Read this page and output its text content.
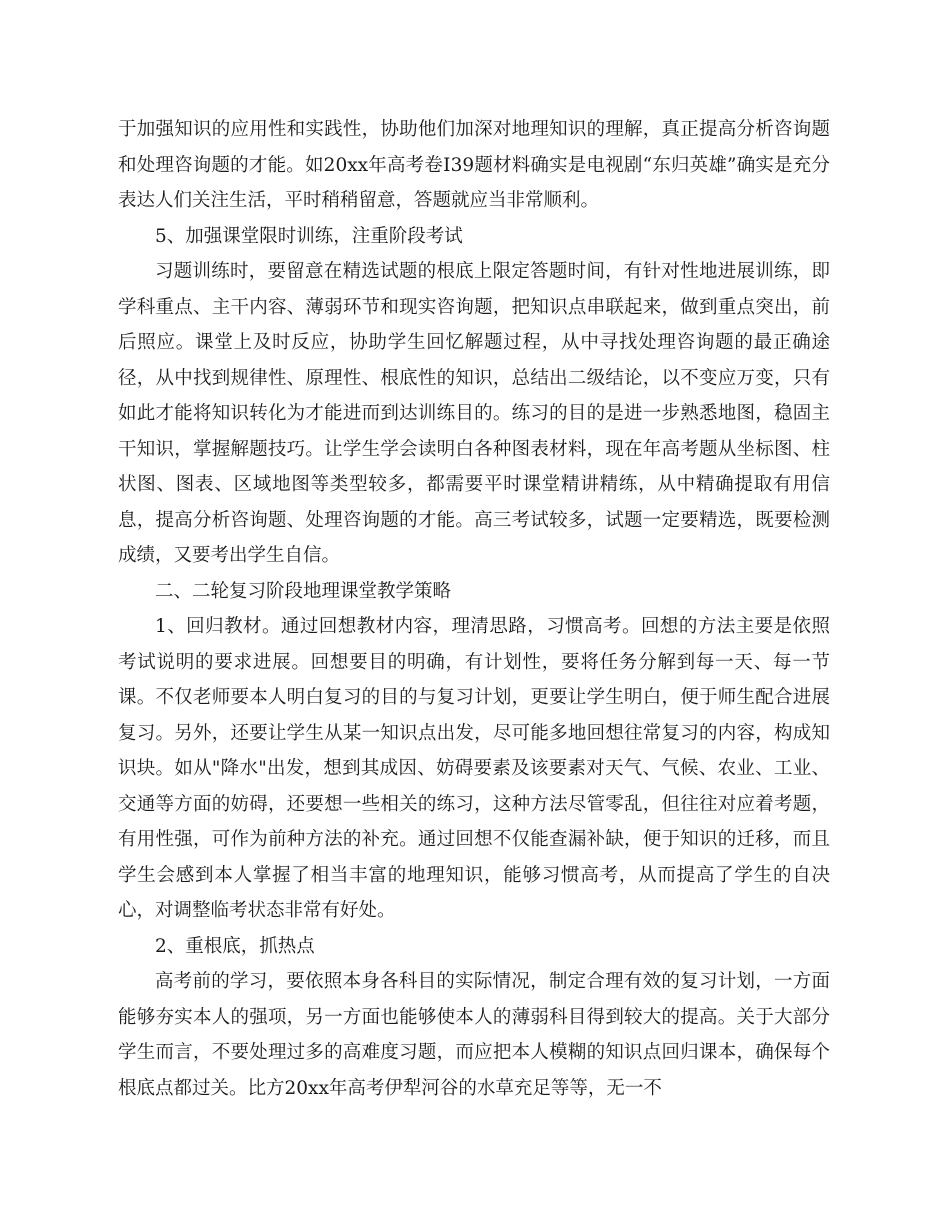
于加强知识的应用性和实践性，协助他们加深对地理知识的理解，真正提高分析咨询题和处理咨询题的才能。如20xx年高考卷Ⅰ39题材料确实是电视剧“东归英雄”确实是充分表达人们关注生活，平时稍稍留意，答题就应当非常顺利。

5、加强课堂限时训练，注重阶段考试

习题训练时，要留意在精选试题的根底上限定答题时间，有针对性地进展训练，即学科重点、主干内容、薄弱环节和现实咨询题，把知识点串联起来，做到重点突出，前后照应。课堂上及时反应，协助学生回忆解题过程，从中寻找处理咨询题的最正确途径，从中找到规律性、原理性、根底性的知识，总结出二级结论，以不变应万变，只有如此才能将知识转化为才能进而到达训练目的。练习的目的是进一步熟悉地图，稳固主干知识，掌握解题技巧。让学生学会读明白各种图表材料，现在年高考题从坐标图、柱状图、图表、区域地图等类型较多，都需要平时课堂精讲精练，从中精确提取有用信息，提高分析咨询题、处理咨询题的才能。高三考试较多，试题一定要精选，既要检测成绩，又要考出学生自信。

二、二轮复习阶段地理课堂教学策略

1、回归教材。通过回想教材内容，理清思路，习惯高考。回想的方法主要是依照考试说明的要求进展。回想要目的明确，有计划性，要将任务分解到每一天、每一节课。不仅老师要本人明白复习的目的与复习计划，更要让学生明白，便于师生配合进展复习。另外，还要让学生从某一知识点出发，尽可能多地回想往常复习的内容，构成知识块。如从"降水"出发，想到其成因、妨碍要素及该要素对天气、气候、农业、工业、交通等方面的妨碍，还要想一些相关的练习，这种方法尽管零乱，但往往对应着考题，有用性强，可作为前种方法的补充。通过回想不仅能查漏补缺，便于知识的迁移，而且学生会感到本人掌握了相当丰富的地理知识，能够习惯高考，从而提高了学生的自决心，对调整临考状态非常有好处。

2、重根底，抓热点

高考前的学习，要依照本身各科目的实际情况，制定合理有效的复习计划，一方面能够夯实本人的强项，另一方面也能够使本人的薄弱科目得到较大的提高。关于大部分学生而言，不要处理过多的高难度习题，而应把本人模糊的知识点回归课本，确保每个根底点都过关。比方20xx年高考伊犁河谷的水草充足等等，无一不
